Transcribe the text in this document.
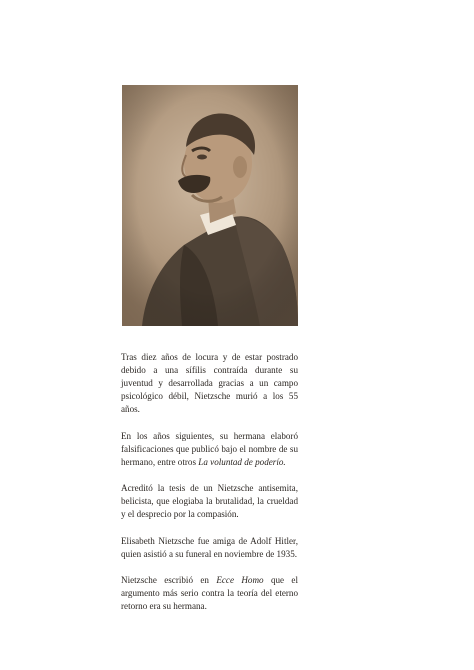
Tras diez años de locura y de estar postrado debido a una sífilis contraída durante su juventud y desarrollada gracias a un campo psicológico débil, Nietzsche murió a los 55 años.

En los años siguientes, su hermana elaboró falsificaciones que publicó bajo el nombre de su hermano, entre otros La voluntad de poderío.

Acreditó la tesis de un Nietzsche antisemita, belicista, que elogiaba la brutalidad, la crueldad y el desprecio por la compasión.

Elisabeth Nietzsche fue amiga de Adolf Hitler, quien asistió a su funeral en noviembre de 1935.

Nietzsche escribió en Ecce Homo que el argumento más serio contra la teoría del eterno retorno era su hermana.
